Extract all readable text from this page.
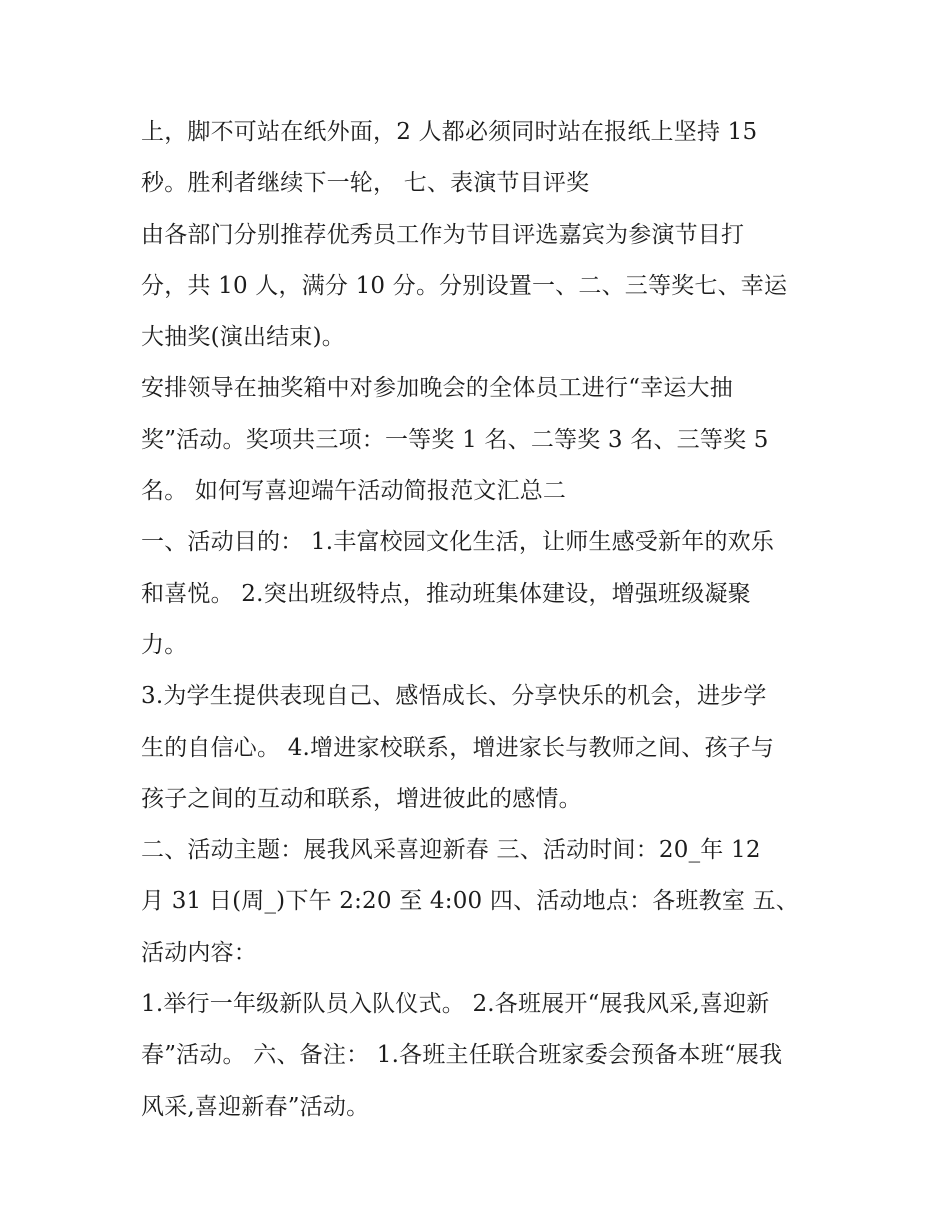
上，脚不可站在纸外面，2 人都必须同时站在报纸上坚持 15
秒。胜利者继续下一轮， 七、表演节目评奖
由各部门分别推荐优秀员工作为节目评选嘉宾为参演节目打
分，共 10 人，满分 10 分。分别设置一、二、三等奖七、幸运
大抽奖(演出结束)。
安排领导在抽奖箱中对参加晚会的全体员工进行“幸运大抽
奖”活动。奖项共三项：一等奖 1 名、二等奖 3 名、三等奖 5
名。 如何写喜迎端午活动简报范文汇总二
一、活动目的： 1.丰富校园文化生活，让师生感受新年的欢乐
和喜悦。 2.突出班级特点，推动班集体建设，增强班级凝聚
力。
3.为学生提供表现自己、感悟成长、分享快乐的机会，进步学
生的自信心。 4.增进家校联系，增进家长与教师之间、孩子与
孩子之间的互动和联系，增进彼此的感情。
二、活动主题：展我风采喜迎新春 三、活动时间：20_年 12
月 31 日(周_)下午 2:20 至 4:00 四、活动地点：各班教室 五、
活动内容：
1.举行一年级新队员入队仪式。 2.各班展开“展我风采,喜迎新
春”活动。 六、备注： 1.各班主任联合班家委会预备本班“展我
风采,喜迎新春”活动。
